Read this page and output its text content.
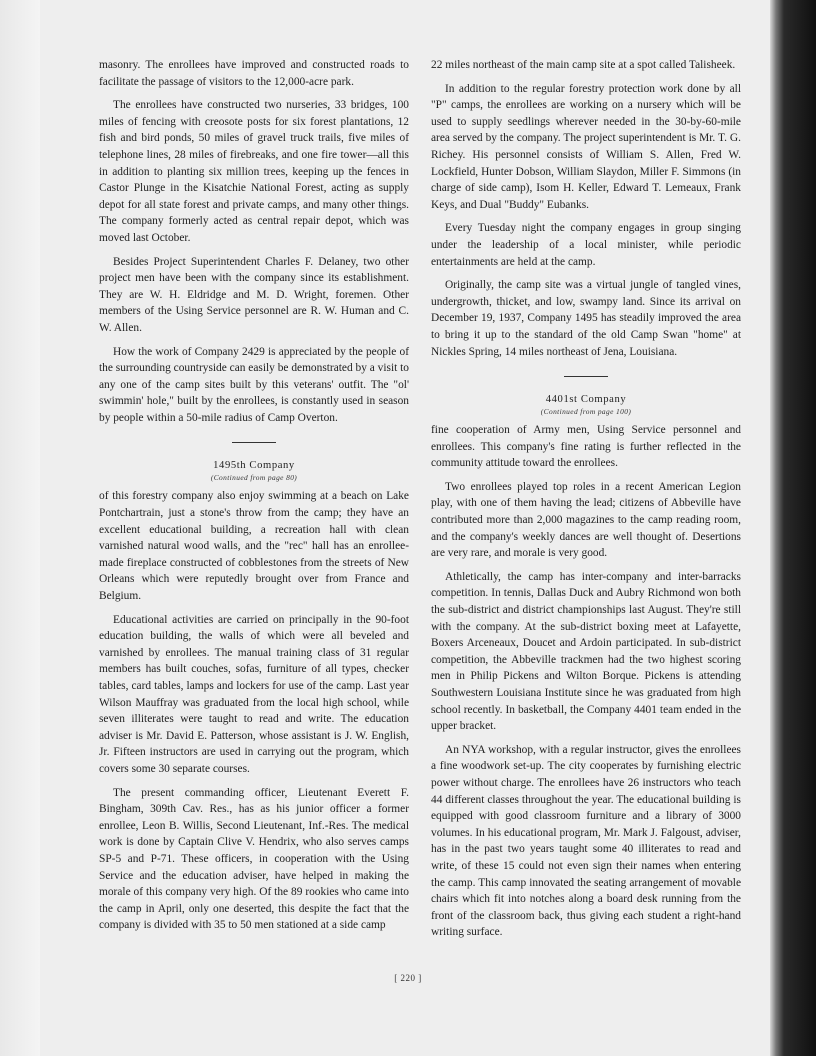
masonry. The enrollees have improved and constructed roads to facilitate the passage of visitors to the 12,000-acre park.

The enrollees have constructed two nurseries, 33 bridges, 100 miles of fencing with creosote posts for six forest plantations, 12 fish and bird ponds, 50 miles of gravel truck trails, five miles of telephone lines, 28 miles of firebreaks, and one fire tower—all this in addition to planting six million trees, keeping up the fences in Castor Plunge in the Kisatchie National Forest, acting as supply depot for all state forest and private camps, and many other things. The company formerly acted as central repair depot, which was moved last October.

Besides Project Superintendent Charles F. Delaney, two other project men have been with the company since its establishment. They are W. H. Eldridge and M. D. Wright, foremen. Other members of the Using Service personnel are R. W. Human and C. W. Allen.

How the work of Company 2429 is appreciated by the people of the surrounding countryside can easily be demonstrated by a visit to any one of the camp sites built by this veterans' outfit. The "ol' swimmin' hole," built by the enrollees, is constantly used in season by people within a 50-mile radius of Camp Overton.

1495th Company
(Continued from page 80)

of this forestry company also enjoy swimming at a beach on Lake Pontchartrain, just a stone's throw from the camp; they have an excellent educational building, a recreation hall with clean varnished natural wood walls, and the "rec" hall has an enrollee-made fireplace constructed of cobblestones from the streets of New Orleans which were reputedly brought over from France and Belgium.

Educational activities are carried on principally in the 90-foot education building, the walls of which were all beveled and varnished by enrollees. The manual training class of 31 regular members has built couches, sofas, furniture of all types, checker tables, card tables, lamps and lockers for use of the camp. Last year Wilson Mauffray was graduated from the local high school, while seven illiterates were taught to read and write. The education adviser is Mr. David E. Patterson, whose assistant is J. W. English, Jr. Fifteen instructors are used in carrying out the program, which covers some 30 separate courses.

The present commanding officer, Lieutenant Everett F. Bingham, 309th Cav. Res., has as his junior officer a former enrollee, Leon B. Willis, Second Lieutenant, Inf.-Res. The medical work is done by Captain Clive V. Hendrix, who also serves camps SP-5 and P-71. These officers, in cooperation with the Using Service and the education adviser, have helped in making the morale of this company very high. Of the 89 rookies who came into the camp in April, only one deserted, this despite the fact that the company is divided with 35 to 50 men stationed at a side camp

22 miles northeast of the main camp site at a spot called Talisheek.

In addition to the regular forestry protection work done by all "P" camps, the enrollees are working on a nursery which will be used to supply seedlings wherever needed in the 30-by-60-mile area served by the company. The project superintendent is Mr. T. G. Richey. His personnel consists of William S. Allen, Fred W. Lockfield, Hunter Dobson, William Slaydon, Miller F. Simmons (in charge of side camp), Isom H. Keller, Edward T. Lemeaux, Frank Keys, and Dual "Buddy" Eubanks.

Every Tuesday night the company engages in group singing under the leadership of a local minister, while periodic entertainments are held at the camp.

Originally, the camp site was a virtual jungle of tangled vines, undergrowth, thicket, and low, swampy land. Since its arrival on December 19, 1937, Company 1495 has steadily improved the area to bring it up to the standard of the old Camp Swan "home" at Nickles Spring, 14 miles northeast of Jena, Louisiana.

4401st Company
(Continued from page 100)

fine cooperation of Army men, Using Service personnel and enrollees. This company's fine rating is further reflected in the community attitude toward the enrollees.

Two enrollees played top roles in a recent American Legion play, with one of them having the lead; citizens of Abbeville have contributed more than 2,000 magazines to the camp reading room, and the company's weekly dances are well thought of. Desertions are very rare, and morale is very good.

Athletically, the camp has inter-company and inter-barracks competition. In tennis, Dallas Duck and Aubry Richmond won both the sub-district and district championships last August. They're still with the company. At the sub-district boxing meet at Lafayette, Boxers Arceneaux, Doucet and Ardoin participated. In sub-district competition, the Abbeville trackmen had the two highest scoring men in Philip Pickens and Wilton Borque. Pickens is attending Southwestern Louisiana Institute since he was graduated from high school recently. In basketball, the Company 4401 team ended in the upper bracket.

An NYA workshop, with a regular instructor, gives the enrollees a fine woodwork set-up. The city cooperates by furnishing electric power without charge. The enrollees have 26 instructors who teach 44 different classes throughout the year. The educational building is equipped with good classroom furniture and a library of 3000 volumes. In his educational program, Mr. Mark J. Falgoust, adviser, has in the past two years taught some 40 illiterates to read and write, of these 15 could not even sign their names when entering the camp. This camp innovated the seating arrangement of movable chairs which fit into notches along a board desk running from the front of the classroom back, thus giving each student a right-hand writing surface.

[ 220 ]
